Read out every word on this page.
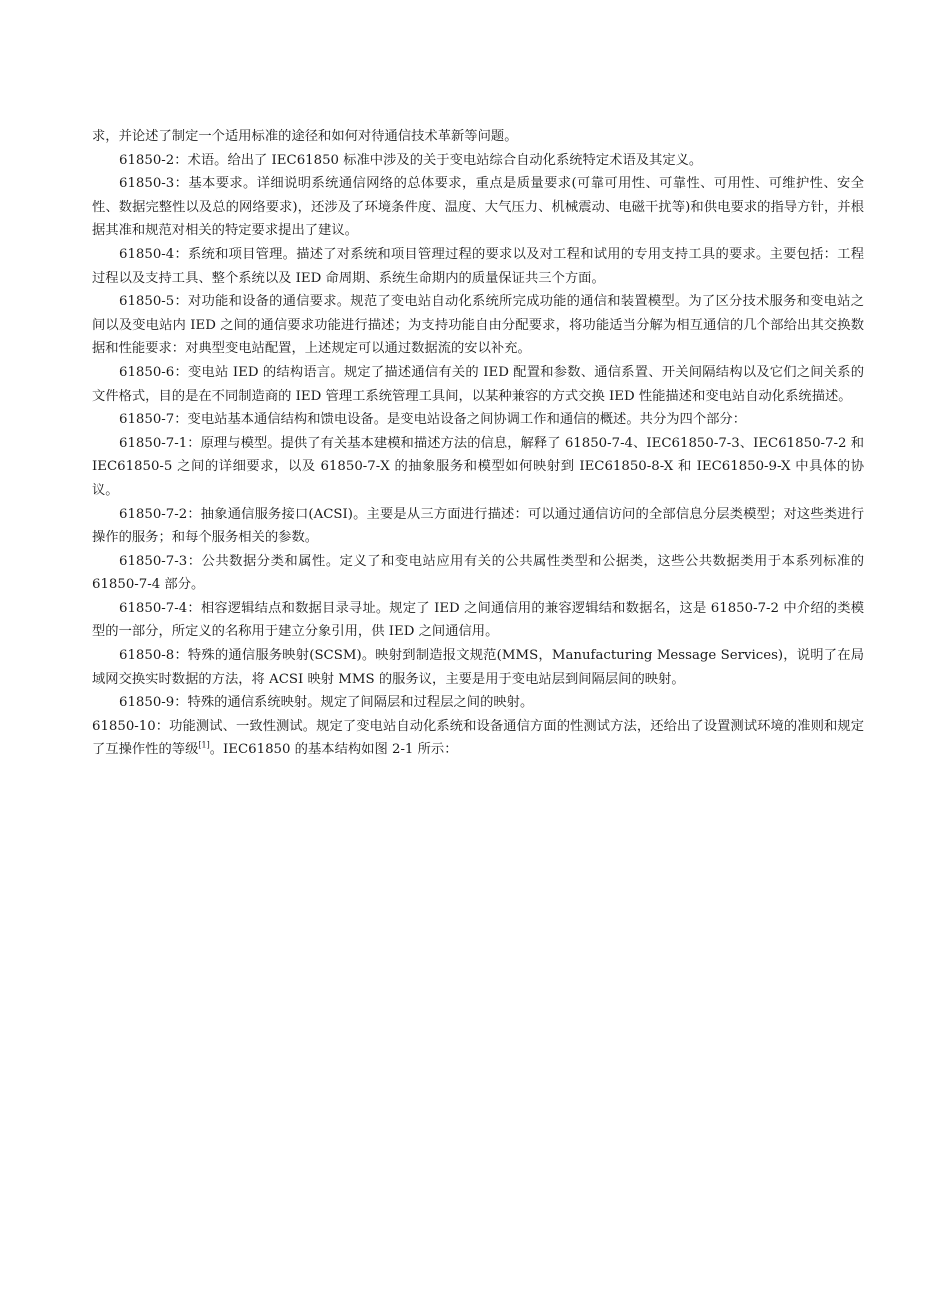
求，并论述了制定一个适用标准的途径和如何对待通信技术革新等问题。

61850-2：术语。给出了 IEC61850 标准中涉及的关于变电站综合自动化系统特定术语及其定义。

61850-3：基本要求。详细说明系统通信网络的总体要求，重点是质量要求(可靠可用性、可靠性、可用性、可维护性、安全性、数据完整性以及总的网络要求)，还涉及了环境条件度、温度、大气压力、机械震动、电磁干扰等)和供电要求的指导方针，并根据其准和规范对相关的特定要求提出了建议。

61850-4：系统和项目管理。描述了对系统和项目管理过程的要求以及对工程和试用的专用支持工具的要求。主要包括：工程过程以及支持工具、整个系统以及 IED 命周期、系统生命期内的质量保证共三个方面。

61850-5：对功能和设备的通信要求。规范了变电站自动化系统所完成功能的通信和装置模型。为了区分技术服务和变电站之间以及变电站内 IED 之间的通信要求功能进行描述；为支持功能自由分配要求，将功能适当分解为相互通信的几个部给出其交换数据和性能要求：对典型变电站配置，上述规定可以通过数据流的安以补充。

61850-6：变电站 IED 的结构语言。规定了描述通信有关的 IED 配置和参数、通信系置、开关间隔结构以及它们之间关系的文件格式，目的是在不同制造商的 IED 管理工系统管理工具间，以某种兼容的方式交换 IED 性能描述和变电站自动化系统描述。

61850-7：变电站基本通信结构和馈电设备。是变电站设备之间协调工作和通信的概述。共分为四个部分：

61850-7-1：原理与模型。提供了有关基本建模和描述方法的信息，解释了 61850-7-4、IEC61850-7-3、IEC61850-7-2 和 IEC61850-5 之间的详细要求，以及 61850-7-X 的抽象服务和模型如何映射到 IEC61850-8-X 和 IEC61850-9-X 中具体的协议。

61850-7-2：抽象通信服务接口(ACSI)。主要是从三方面进行描述：可以通过通信访问的全部信息分层类模型；对这些类进行操作的服务；和每个服务相关的参数。

61850-7-3：公共数据分类和属性。定义了和变电站应用有关的公共属性类型和公据类，这些公共数据类用于本系列标准的 61850-7-4 部分。

61850-7-4：相容逻辑结点和数据目录寻址。规定了 IED 之间通信用的兼容逻辑结和数据名，这是 61850-7-2 中介绍的类模型的一部分，所定义的名称用于建立分象引用，供 IED 之间通信用。

61850-8：特殊的通信服务映射(SCSM)。映射到制造报文规范(MMS，Manufacturing Message Services)，说明了在局域网交换实时数据的方法，将 ACSI 映射 MMS 的服务议，主要是用于变电站层到间隔层间的映射。

61850-9：特殊的通信系统映射。规定了间隔层和过程层之间的映射。

61850-10：功能测试、一致性测试。规定了变电站自动化系统和设备通信方面的性测试方法，还给出了设置测试环境的准则和规定了互操作性的等级[1]。IEC61850 的基本结构如图 2-1 所示：
